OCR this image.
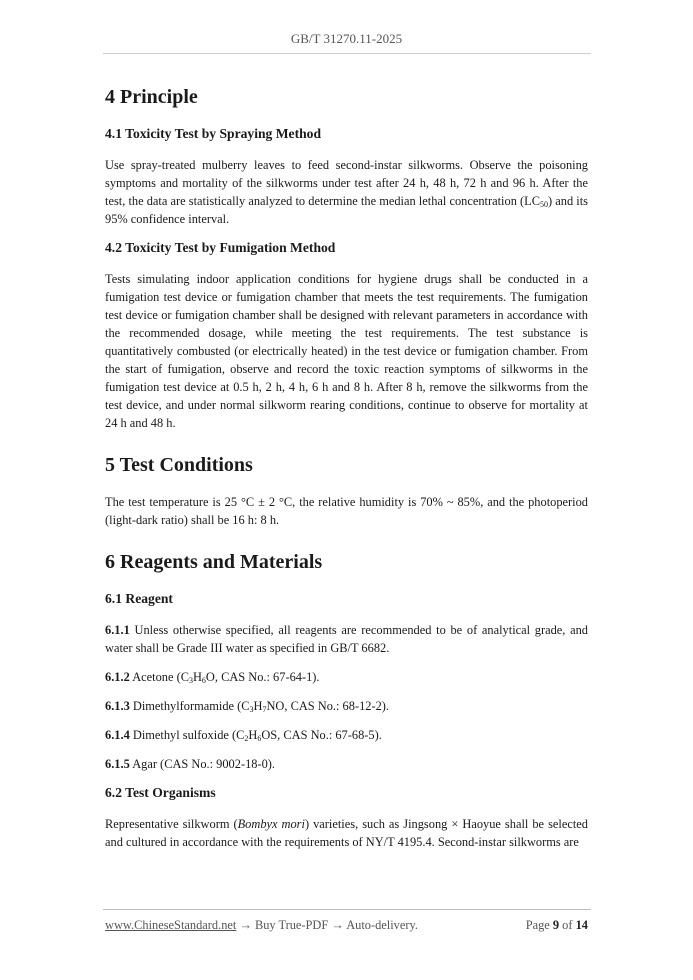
GB/T 31270.11-2025
4 Principle
4.1 Toxicity Test by Spraying Method

Use spray-treated mulberry leaves to feed second-instar silkworms. Observe the poisoning symptoms and mortality of the silkworms under test after 24 h, 48 h, 72 h and 96 h. After the test, the data are statistically analyzed to determine the median lethal concentration $(LC_{50})$ and its 95% confidence interval.

4.2 Toxicity Test by Fumigation Method

Tests simulating indoor application conditions for hygiene drugs shall be conducted in a fumigation test device or fumigation chamber that meets the test requirements. The fumigation test device or fumigation chamber shall be designed with relevant parameters in accordance with the recommended dosage, while meeting the test requirements. The test substance is quantitatively combusted (or electrically heated) in the test device or fumigation chamber. From the start of fumigation, observe and record the toxic reaction symptoms of silkworms in the fumigation test device at 0.5 h, 2 h, 4 h, 6 h and 8 h. After 8 h, remove the silkworms from the test device, and under normal silkworm rearing conditions, continue to observe for mortality at 24 h and 48 h.

5 Test Conditions

The test temperature is 25 °C ± 2 °C, the relative humidity is 70% ~ 85%, and the photoperiod (light-dark ratio) shall be 16 h: 8 h.

6 Reagents and Materials
6.1 Reagent

6.1.1 Unless otherwise specified, all reagents are recommended to be of analytical grade, and water shall be Grade III water as specified in GB/T 6682.

6.1.2 Acetone ($C_3H_6O$, CAS No.: 67-64-1).

6.1.3 Dimethylformamide ($C_3H_7NO$, CAS No.: 68-12-2).

6.1.4 Dimethyl sulfoxide ($C_2H_6OS$, CAS No.: 67-68-5).

6.1.5 Agar (CAS No.: 9002-18-0).

6.2 Test Organisms

Representative silkworm (Bombyx mori) varieties, such as Jingsong × Haoyue shall be selected and cultured in accordance with the requirements of NY/T 4195.4. Second-instar silkworms are

www.ChineseStandard.net → Buy True-PDF → Auto-delivery.	Page 9 of 14
